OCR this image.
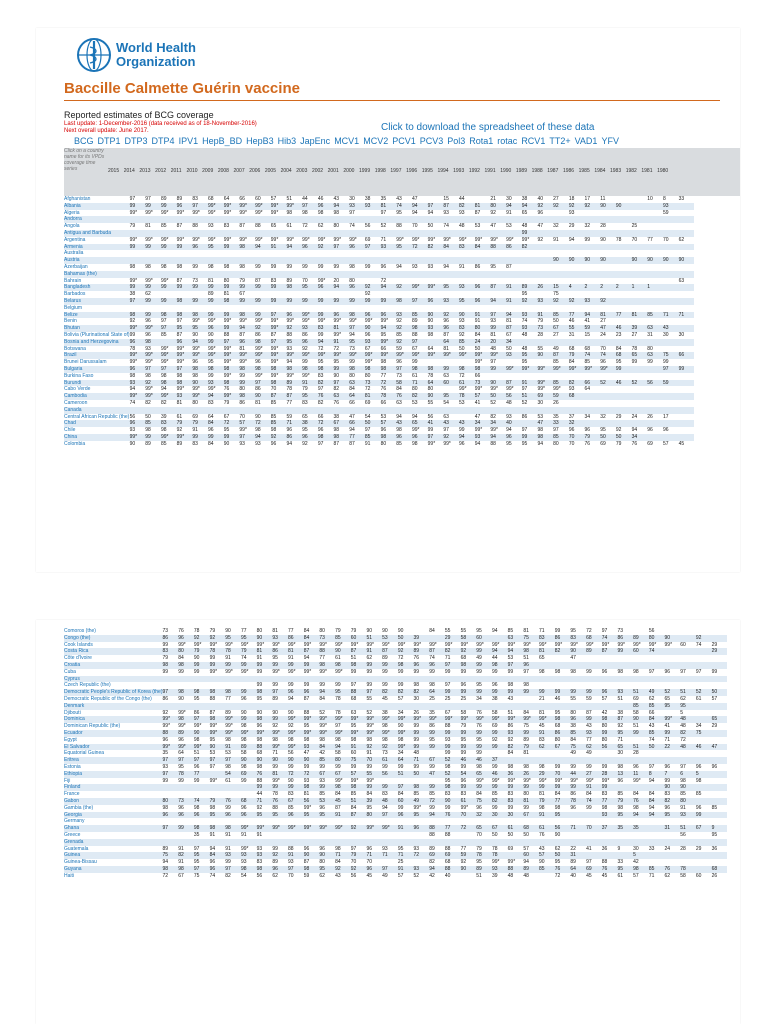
World Health
Organization
Baccille Calmette Guérin vaccine
Reported estimates of BCG coverage
Last update: 1-December-2016 (data received as of 18-November-2016)
Next overall update: June 2017.	Click to download the spreadsheet of these data
BCG DTP1 DTP3 DTP4 IPV1 HepB_BD HepB3 Hib3 JapEnc MCV1 MCV2 PCV1 PCV3 Pol3 Rota1 rotac RCV1 TT2+ VAD1 YFV
Click on a country name for its VPDs coverage time series	2015 2014 2013 2012 2011 2010 2009 2008 2007 2006 2005 2004 2003 2002 2001 2000 1999 1998 1997 1996 1995 1994 1993 1992 1991 1990 1989 1988 1987 1986 1985 1984 1983 1982 1981 1980
Afghanistan	97	97	89	89	83	68	64	66	60	57	51	44	46	43	30	38	35	43	47		15	44		21	30	38	40	27	18	17	11			10	8	33
Albania	99	99	99	96	97	99*	99*	99*	99*	99*	99*	97	96	94	93	93	81	74	94	97	87	82	81	80	94	94	92	92	92	92	90	90			93	
Algeria	99*	99*	99*	99*	99*	99*	99*	99*	99*	99*	98	98	98	98	97		97	95	94	94	93	93	87	92	91	65	96		93						59	
Andorra																																				
Angola	79	81	85	87	88	93	83	87	88	65	61	72	62	80	74	56	52	88	70	50	74	48	53	47	53	48	47	32	29	32	28		25			
Antigua and Barbuda																										99										
Argentina	99*	99*	99*	99*	99*	99*	99*	99*	99*	99*	99*	99*	99*	99*	99*	69	71	99*	99*	99*	99*	99*	99*	99*	99*	99*	92	91	94	99	90	78	70	77	70	62
Armenia	99	99	99	99	96	95	99	98	94	91	94	96	92	97	96	97	93	95	72	82	84	83	84	88	86	82										
Australia																																				
Austria																												90	90	90	90		90	90	90	90
Azerbaijan	98	98	98	98	99	98	98	98	99	99	99	99	99	99	98	99	96	94	93	93	94	91	86	95	87											
Bahamas (the)																																				
Bahrain	99*	99*	99*	87	73	81	80	79	87	83	89	70	99*	20	80		72																			63
Bangladesh	99	99	99	99	99	99	99	99	99	99	98	95	96	94	96	92	94	92	99*	99*	95	93	96	87	91	89	26	15	4	2	2	2	1	1		
Barbados	38	62				89	81	67								92										95		75								
Belarus	97	99	99	98	99	99	98	99	99	99	99	99	99	99	99	99	99	98	97	96	93	95	96	94	91	92	93	92	92	93	92					
Belgium																																				
Belize	98	99	98	98	98	99	99	98	99	97	96	99*	99	96	98	96	96	93	85	90	92	90	91	97	94	93	91	85	77	94	81	77	81	85	71	71
Benin	92	96	97	97	99*	99*	99*	99*	99*	99*	99*	99*	99*	99*	99*	99*	99*	92	89	90	96	93	91	93	81	74	79	50	46	41	27					
Bhutan	99*	99*	97	95	95	96	99	94	92	99*	92	93	83	81	97	90	94	92	98	93	96	83	80	99	87	93	73	67	55	59	47	46	39	63	43	
Bolivia (Plurinational State of)	99	96	85	87	90	90	88	87	86	87	88	86	99	99*	94	96	95	85	88	98	87	92	84	81	67	48	28	27	31	15	24	23	27	31	30	30
Bosnia and Herzegovina	96	98		96	94	99	97	96	98	97	95	96	94	91	95	93	99*	92	97		64	85	24	20	34											
Botswana	78	93	99*	99*	99*	99*	99*	81	99*	99*	93	92	72	72	73	67	66	59	67	64	81	50	50	48	50	48	55	49	68	68	70	84	78	80		
Brazil	99*	99*	99*	99*	99*	99*	99*	99*	99*	99*	99*	99*	99*	99*	99*	99*	99*	99*	99*	99*	99*	99*	99*	99*	93	95	90	87	79	74	74	68	65	63	75	66
Brunei Darussalam	99*	99*	99*	99*	96	95	99*	99*	96	99*	94	99	95	95	99	99*	98	96	99				99*	97		95		85	84	85	96	95	99	99	99	
Bulgaria	96	97	97	97	98	98	98	98	98	98	98	98	98	99	98	98	98	97	98	98	99	98	98	99	99*	99*	99*	99*	99*	99*	99*	99			97	99
Burkina Faso	98	98	98	98	98	99	99*	99	99*	99*	99*	99*	83	90	80	80	77	73	61	78	63	72	66													
Burundi	93	92	98	98	90	93	98	99	97	98	89	91	82	97	63	73	72	58	71	64	60	61	73	90	87	91	99*	85	82	66	52	46	52	56	59	
Cabo Verde	94	99*	94	99*	99*	99*	76	80	86	70	78	79	97	82	84	72	76	84	80	80		99*	99*	99*	99*	97	99*	99*	93	64						
Cambodia	99*	99*	99*	93	99*	94	99*	98	90	87	87	95	76	63	64	81	78	76	82	90	95	78	57	50	56	51	69	59	68							
Cameroon	74	82	82	81	80	83	79	86	81	85	77	83	82	76	66	69	66	63	53	55	54	53	41	52	48	52	30	26								
Canada																																				
Central African Republic (the)	56	50	39	61	69	64	67	70	90	85	59	65	66	38	47	54	53	94	94	56	63		47	82	93	86	53	35	37	34	32	29	24	26	17	
Chad	96	85	83	79	79	84	72	57	72	85	71	38	72	67	66	50	57	43	65	41	43	43	34	34	40		47	33	32							
Chile	93	98	98	92	91	96	95	99*	98	98	96	95	96	98	94	97	96	98	99*	99	97	99	99*	99*	94	97	98	97	96	96	95	92	94	96	96	
China	99*	99	99*	99*	99	99	99	97	94	92	86	96	98	98	77	85	98	96	96	97	92	94	93	94	96	99	98	85	70	79	50	50	34			
Colombia	90	89	85	89	83	84	90	93	93	96	94	92	97	87	87	91	80	85	98	99*	99*	96	94	88	95	95	94	80	70	76	69	79	76	69	57	45
Comoros (the)	73	76	78	79	90	77	80	81	77	84	80	79	79	90	90	90		84	55	55	95	94	85	81	71	99	95	72	97	73		56				
Congo (the)	86	96	92	92	95	95	90	93	86	84	73	85	60	51	53	50	39		29	58	60		63	75	83	86	83	68	74	86	89	80	90		92	
Cook Islands	99	99*	99*	99*	99*	99*	99*	99*	99*	99*	99*	99*	99*	99*	99*	99*	99*	99*	99*	99*	99*	99*	99*	99*	99*	99*	99*	99*	99*	99*	99*	99*	99*	60	74	29
Costa Rica	83	80	79	78	78	79	81	86	81	87	88	90	87	91	87	92	89	87	82	92	99	94	94	98	81	82	90	89	87	99	60	74				29
Côte d'Ivoire	79	84	90	99	91	74	91	95	91	94	77	61	51	62	89	72	76	74	71	68	49	44	53	51	65		47									
Croatia	98	98	99	99	99	99	99	99	99	99	98	98	98	99	99	98	96	96	97	98	99	98	97	96												
Cuba	99	99	99	99*	99*	99*	99	99*	99*	99*	99*	99*	99	99	99	99	99	99	99	99	99	99	99	97	98	98	98	99	96	98	98	97	96	97	97	99
Cyprus																																				
Czech Republic (the)							99	99	99	99	99	99	97	99	99	99	98	98	97	96	95	96	98	98												
Democratic People's Republic of Korea (the)	97	98	98	98	98	99	98	97	96	96	94	95	88	97	82	82	82	64	99	99	99	99	99	99	99	99	99	99	96	93	51	49	52	51	52	50
Democratic Republic of the Congo (the)	86	90	95	88	77	96	95	89	94	87	84	78	68	55	45	57	30	25	25	25	34	38	43		21	46	55	59	57	51	69	62	65	62	61	57
Denmark																															85	85	95	95		
Djibouti	92	99*	86	87	89	90	90	90	90	88	52	78	63	52	38	34	26	35	67	58	76	58	51	84	81	95	80	87	42	38	58	66		5		
Dominica	99*	98	97	98	99*	99	98	99	99*	99*	99*	99*	99*	99*	99*	99*	99*	99*	99*	99*	99*	99*	99*	99*	99*	98	96	99	98	87	90	84	99*	48		65
Dominican Republic (the)	99*	99*	99*	99*	99*	98	96	92	92	95	99*	97	95	99*	98	90	99	86	88	79	76	69	86	75	45	68	38	43	80	92	51	43	41	48	34	29
Ecuador	88	89	90	99*	99*	99*	99*	99*	99*	99*	99*	99*	99*	99*	99*	99*	99	99	99	99	99	99	93	99	91	86	85	93	99	95	99	85	99	82	75	
Egypt	96	96	98	95	98	98	98	98	98	98	98	98	98	98	98	98	99	95	93	95	95	92	92	89	83	80	84	77	80	71		74	71	72		
El Salvador	99*	99*	99*	90	91	89	88	99*	99*	93	84	94	91	92	92	99*	99	99	99	99	99	99	82	79	62	67	75	62	56	65	51	50	22	48	46	47
Equatorial Guinea	35	64	51	53	53	58	68	71	56	47	42	58	60	91	73	34	48		99	99	99		84	81			49	49		30	28					
Eritrea	97	97	97	97	97	90	90	90	90	90	85	80	75	70	61	64	71	67	52	46	46	37														
Estonia	93	95	96	97	98	98	98	99	99	99	99	99	99	99	99	99	99	99	98	99	98	99	98	98	98	99	99	99	99	98	96	97	96	97	96	96
Ethiopia	97	78	77		54	69	76	81	72	72	67	67	57	55	56	51	50	47	52	54	65	46	36	26	29	70	44	27	28	13	11	8	7	6	5	
Fiji	99	99	99	99*	61	99	88	99*	90	93	93	99*	99*	99*					95	96	99*	99*	99*	99*	99*	99*	99*	99*	99*	96	99*	94	99	98	98	
Finland							99	99	99	98	99	98	98	99	99	97	98	99	98	99	99	99	99	99	99	99	99	91	99				90	90		
France							44	78	83	81	85	84	85	84	83	84	85	85	83	83	84	85	83	80	81	84	86	84	83	85	84	84	83	85	85	
Gabon	80	73	74	79	76	68	71	76	67	56	53	45	51	39	48	60	49	72	90	61	75	82	83	81	79	77	78	74	77	79	76	84	82	80		
Gambia (the)	98	96	98	98	99	96	92	88	85	99*	96	87	84	95	94	99	99*	99	99	99*	96	99	99	99	98	98	96	99	98	98	98	94	96	91	96	85
Georgia	96	96	96	95	96	96	95	95	96	95	95	91	87	80	97	96	95	94	76	70	32	30	30	67	91	95			93	95	94	94	95	93	99	
Germany																																				
Ghana	97	99	98	98	98	99*	99*	99*	99*	99*	99*	99*	92	99*	99*	91	96	88	77	72	65	67	61	68	61	56	71	70	37	35	35		31	51	67	9
Greece			35	91	91	91	91											88	88		70	50	50	50	76	90								56		95
Grenada																																				
Guatemala	89	91	97	94	91	99*	93	99	88	96	96	98	97	96	93	95	93	89	88	77	79	78	69	57	43	62	22	41	36	9	30	33	24	28	29	36
Guinea	75	82	95	84	93	93	93	92	91	90	90	71	79	71	71	71	72	69	69	59	78	78		60	57	50	31				5					
Guinea-Bissau	94	91	95	96	99	93	83	89	93	87	80	84	70	70		25		82	68	92	95	99*	99*	94	90	95	89	97	88	33	42					
Guyana	98	98	97	96	97	98	98	96	97	98	95	92	92	96	97	91	93	94	88	90	89	93	88	89	85	76	64	69	76	95	98	85	76	78		68
Haiti	72	67	75	74	82	54	56	62	70	59	62	43	56	45	49	57	52	42	40		51	39	48	48		72	40	45	45	61	57	71	62	58	60	26
